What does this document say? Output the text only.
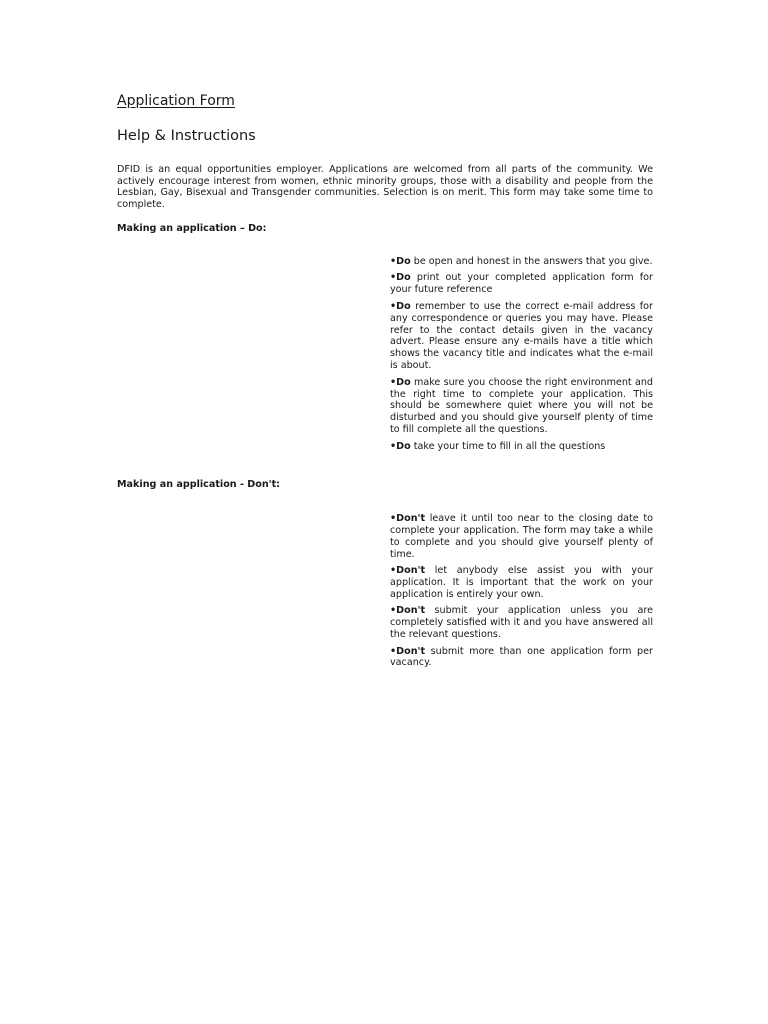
Application Form
Help & Instructions

DFID is an equal opportunities employer. Applications are welcomed from all parts of the community. We actively encourage interest from women, ethnic minority groups, those with a disability and people from the Lesbian, Gay, Bisexual and Transgender communities. Selection is on merit. This form may take some time to complete.

Making an application – Do:
•Do be open and honest in the answers that you give.
•Do print out your completed application form for your future reference
•Do remember to use the correct e-mail address for any correspondence or queries you may have. Please refer to the contact details given in the vacancy advert. Please ensure any e-mails have a title which shows the vacancy title and indicates what the e-mail is about.
•Do make sure you choose the right environment and the right time to complete your application. This should be somewhere quiet where you will not be disturbed and you should give yourself plenty of time to fill complete all the questions.
•Do take your time to fill in all the questions
Making an application - Don't:
•Don't leave it until too near to the closing date to complete your application. The form may take a while to complete and you should give yourself plenty of time.
•Don't let anybody else assist you with your application. It is important that the work on your application is entirely your own.
•Don't submit your application unless you are completely satisfied with it and you have answered all the relevant questions.
•Don't submit more than one application form per vacancy.
